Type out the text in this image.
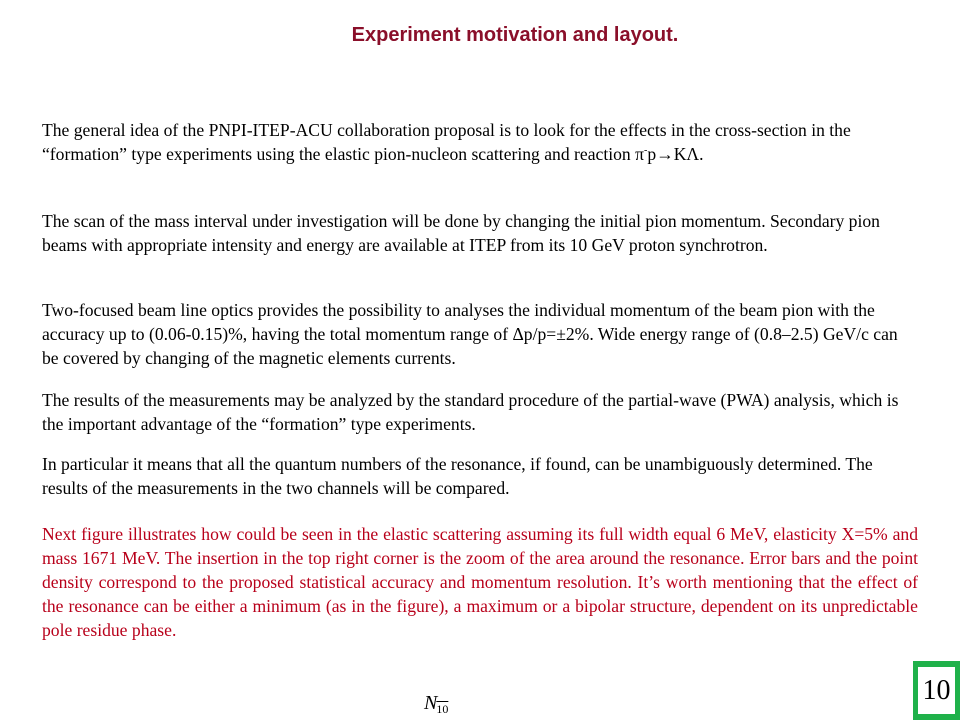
Experiment motivation and layout.

The general idea of the PNPI-ITEP-ACU collaboration proposal is to look for the effects in the cross-section in the “formation” type experiments using the elastic pion-nucleon scattering and reaction π-p→KΛ.

The scan of the mass interval under investigation will be done by changing the initial pion momentum. Secondary pion beams with appropriate intensity and energy are available at ITEP from its 10 GeV proton synchrotron.

Two-focused beam line optics provides the possibility to analyses the individual momentum of the beam pion with the accuracy up to (0.06-0.15)%, having the total momentum range of Δp/p=±2%. Wide energy range of (0.8–2.5) GeV/c can be covered by changing of the magnetic elements currents.

The results of the measurements may be analyzed by the standard procedure of the partial-wave (PWA) analysis, which is the important advantage of the “formation” type experiments.

In particular it means that all the quantum numbers of the resonance, if found, can be unambiguously determined. The results of the measurements in the two channels will be compared.

Next figure illustrates how could be seen in the elastic scattering assuming its full width equal 6 MeV, elasticity X=5% and mass 1671 MeV. The insertion in the top right corner is the zoom of the area around the resonance. Error bars and the point density correspond to the proposed statistical accuracy and momentum resolution. It’s worth mentioning that the effect of the resonance can be either a minimum (as in the figure), a maximum or a bipolar structure, dependent on its unpredictable pole residue phase.

$N_{10}$
10
